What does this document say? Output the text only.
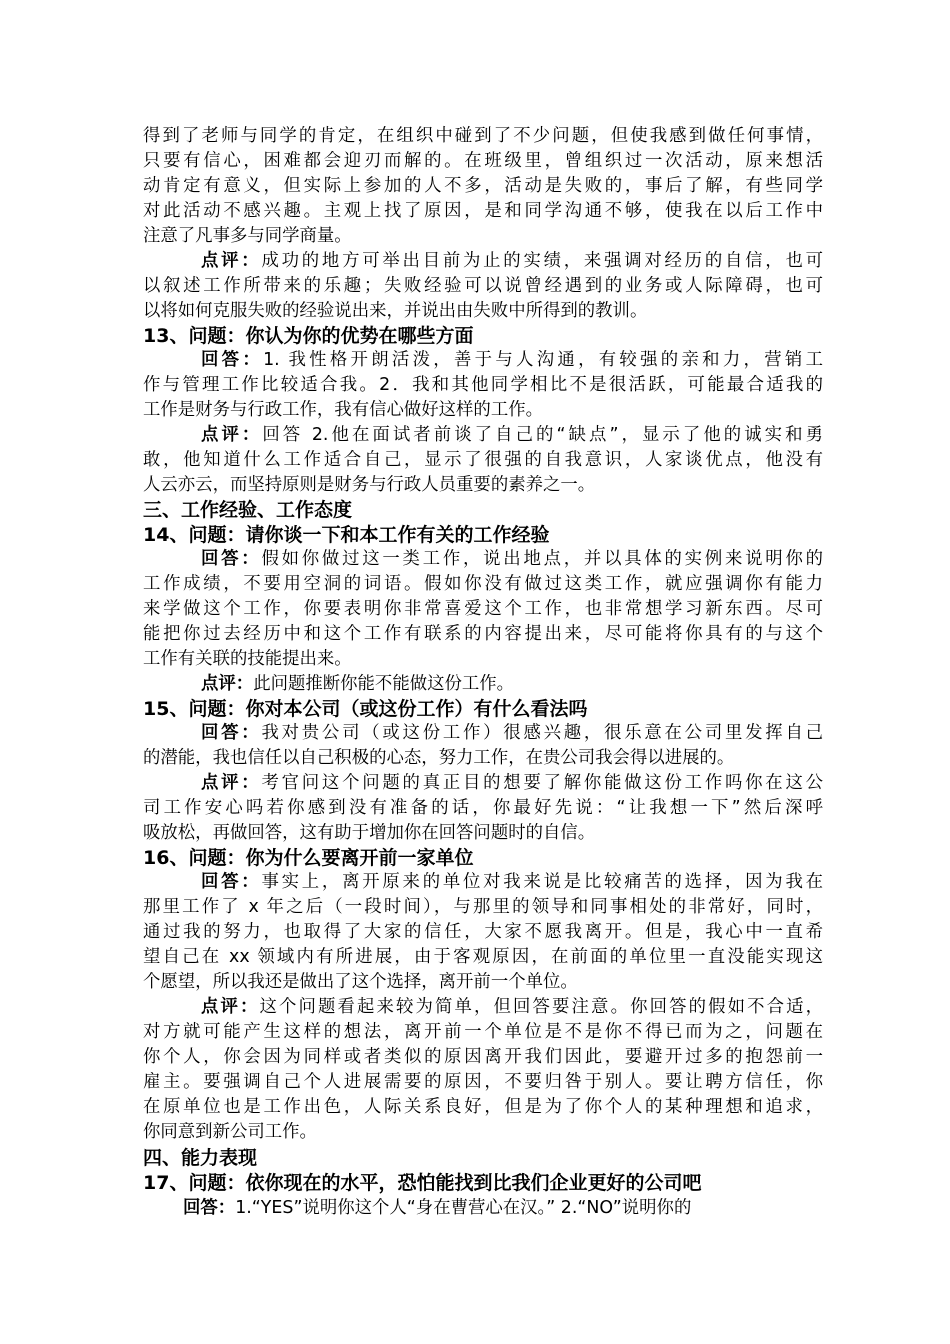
得到了老师与同学的肯定，在组织中碰到了不少问题，但使我感到做任何事情，
只要有信心，困难都会迎刃而解的。在班级里，曾组织过一次活动，原来想活
动肯定有意义，但实际上参加的人不多，活动是失败的，事后了解，有些同学
对此活动不感兴趣。主观上找了原因，是和同学沟通不够，使我在以后工作中
注意了凡事多与同学商量。
点评：成功的地方可举出目前为止的实绩，来强调对经历的自信，也可
以叙述工作所带来的乐趣；失败经验可以说曾经遇到的业务或人际障碍，也可
以将如何克服失败的经验说出来，并说出由失败中所得到的教训。
13、问题：你认为你的优势在哪些方面
回答：1. 我性格开朗活泼，善于与人沟通，有较强的亲和力，营销工
作与管理工作比较适合我。2．我和其他同学相比不是很活跃，可能最合适我的
工作是财务与行政工作，我有信心做好这样的工作。
点评：回答 2.他在面试者前谈了自己的“缺点”，显示了他的诚实和勇
敢，他知道什么工作适合自己，显示了很强的自我意识，人家谈优点，他没有
人云亦云，而坚持原则是财务与行政人员重要的素养之一。
三、工作经验、工作态度
14、问题：请你谈一下和本工作有关的工作经验
回答：假如你做过这一类工作，说出地点，并以具体的实例来说明你的
工作成绩，不要用空洞的词语。假如你没有做过这类工作，就应强调你有能力
来学做这个工作，你要表明你非常喜爱这个工作，也非常想学习新东西。尽可
能把你过去经历中和这个工作有联系的内容提出来，尽可能将你具有的与这个
工作有关联的技能提出来。
点评：此问题推断你能不能做这份工作。
15、问题：你对本公司（或这份工作）有什么看法吗
回答：我对贵公司（或这份工作）很感兴趣，很乐意在公司里发挥自己
的潜能，我也信任以自己积极的心态，努力工作，在贵公司我会得以进展的。
点评：考官问这个问题的真正目的想要了解你能做这份工作吗你在这公
司工作安心吗若你感到没有准备的话，你最好先说：“让我想一下”然后深呼
吸放松，再做回答，这有助于增加你在回答问题时的自信。
16、问题：你为什么要离开前一家单位
回答：事实上，离开原来的单位对我来说是比较痛苦的选择，因为我在
那里工作了 x 年之后（一段时间），与那里的领导和同事相处的非常好，同时，
通过我的努力，也取得了大家的信任，大家不愿我离开。但是，我心中一直希
望自己在 xx 领域内有所进展，由于客观原因，在前面的单位里一直没能实现这
个愿望，所以我还是做出了这个选择，离开前一个单位。
点评：这个问题看起来较为简单，但回答要注意。你回答的假如不合适，
对方就可能产生这样的想法，离开前一个单位是不是你不得已而为之，问题在
你个人，你会因为同样或者类似的原因离开我们因此，要避开过多的抱怨前一
雇主。要强调自己个人进展需要的原因，不要归咎于别人。要让聘方信任，你
在原单位也是工作出色，人际关系良好，但是为了你个人的某种理想和追求，
你同意到新公司工作。
四、能力表现
17、问题：依你现在的水平，恐怕能找到比我们企业更好的公司吧
回答：1.“YES”说明你这个人“身在曹营心在汉。” 2.“NO”说明你的
